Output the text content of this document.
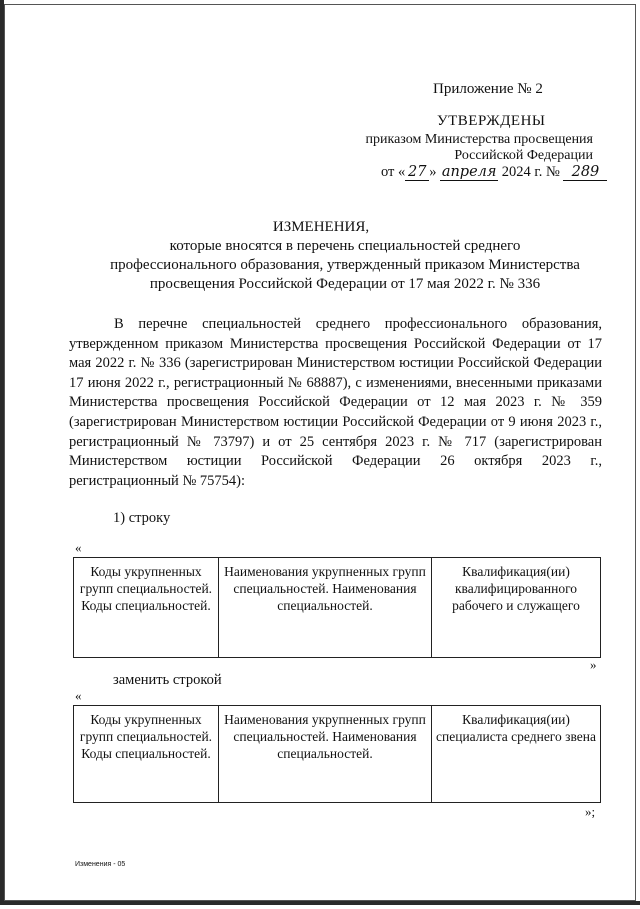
Приложение № 2
УТВЕРЖДЕНЫ
приказом Министерства просвещения
Российской Федерации
от « 27 » апреля 2024 г. № 289
ИЗМЕНЕНИЯ,
которые вносятся в перечень специальностей среднего профессионального образования, утвержденный приказом Министерства просвещения Российской Федерации от 17 мая 2022 г. № 336
В перечне специальностей среднего профессионального образования, утвержденном приказом Министерства просвещения Российской Федерации от 17 мая 2022 г. № 336 (зарегистрирован Министерством юстиции Российской Федерации 17 июня 2022 г., регистрационный № 68887), с изменениями, внесенными приказами Министерства просвещения Российской Федерации от 12 мая 2023 г. № 359 (зарегистрирован Министерством юстиции Российской Федерации от 9 июня 2023 г., регистрационный № 73797) и от 25 сентября 2023 г. № 717 (зарегистрирован Министерством юстиции Российской Федерации 26 октября 2023 г., регистрационный № 75754):
1) строку
«
Коды укрупненных групп специальностей. Коды специальностей.	Наименования укрупненных групп специальностей. Наименования специальностей.	Квалификация(ии) квалифицированного рабочего и служащего
»
заменить строкой
«
Коды укрупненных групп специальностей. Коды специальностей.	Наименования укрупненных групп специальностей. Наименования специальностей.	Квалификация(ии) специалиста среднего звена
»;
Изменения - 05
